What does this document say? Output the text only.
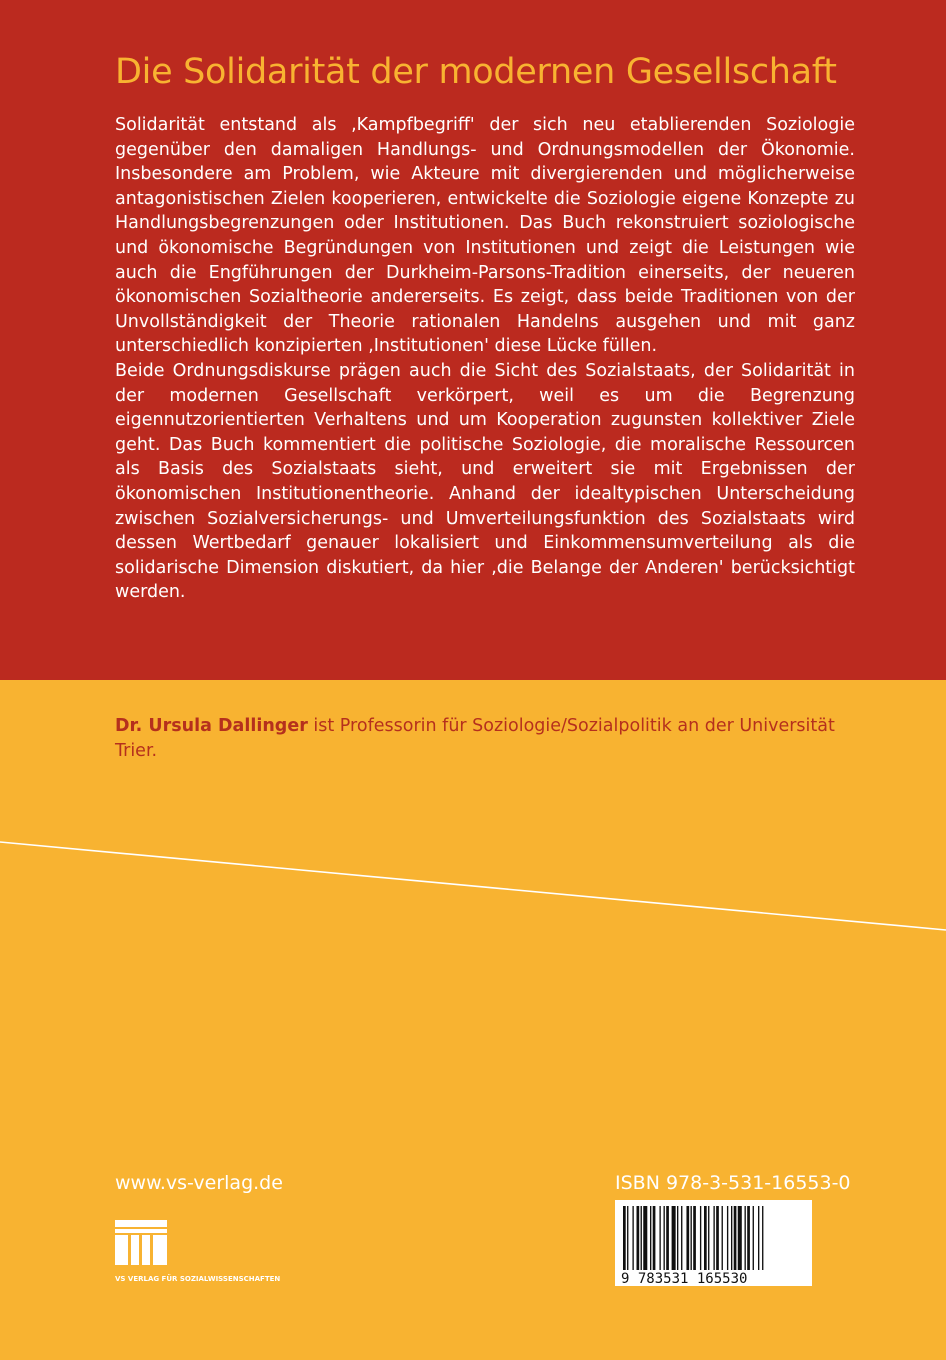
Die Solidarität der modernen Gesellschaft

Solidarität entstand als ‚Kampfbegriff' der sich neu etablierenden Soziologie gegenüber den damaligen Handlungs- und Ordnungsmodellen der Ökonomie. Insbesondere am Problem, wie Akteure mit divergierenden und möglicherweise antagonistischen Zielen kooperieren, entwickelte die Soziologie eigene Konzepte zu Handlungsbegrenzungen oder Institutionen. Das Buch rekonstruiert soziologische und ökonomische Begründungen von Institutionen und zeigt die Leistungen wie auch die Engführungen der Durkheim-Parsons-Tradition einerseits, der neueren ökonomischen Sozialtheorie andererseits. Es zeigt, dass beide Traditionen von der Unvollständigkeit der Theorie rationalen Handelns ausgehen und mit ganz unterschiedlich konzipierten ‚Institutionen' diese Lücke füllen.

Beide Ordnungsdiskurse prägen auch die Sicht des Sozialstaats, der Solidarität in der modernen Gesellschaft verkörpert, weil es um die Begrenzung eigennutzorientierten Verhaltens und um Kooperation zugunsten kollektiver Ziele geht. Das Buch kommentiert die politische Soziologie, die moralische Ressourcen als Basis des Sozialstaats sieht, und erweitert sie mit Ergebnissen der ökonomischen Institutionentheorie. Anhand der idealtypischen Unterscheidung zwischen Sozialversicherungs- und Umverteilungsfunktion des Sozialstaats wird dessen Wertbedarf genauer lokalisiert und Einkommensumverteilung als die solidarische Dimension diskutiert, da hier ‚die Belange der Anderen' berücksichtigt werden.

Dr. Ursula Dallinger ist Professorin für Soziologie/Sozialpolitik an der Universität Trier.
www.vs-verlag.de
VS VERLAG FÜR SOZIALWISSENSCHAFTEN
ISBN 978-3-531-16553-0
9 783531 165530
